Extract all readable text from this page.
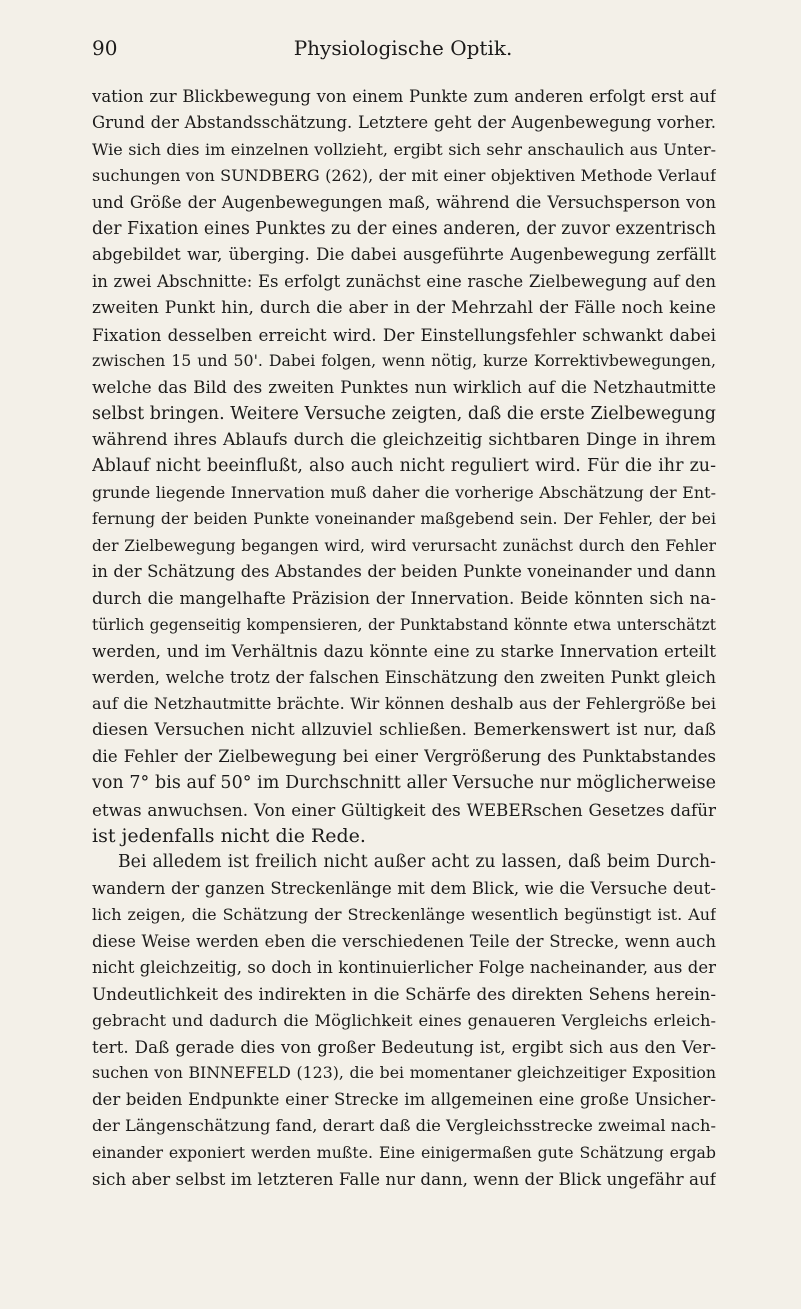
90	Physiologische Optik.
vation zur Blickbewegung von einem Punkte zum anderen erfolgt erst auf
Grund der Abstandsschätzung. Letztere geht der Augenbewegung vorher.
Wie sich dies im einzelnen vollzieht, ergibt sich sehr anschaulich aus Unter-
suchungen von SUNDBERG (262), der mit einer objektiven Methode Verlauf
und Größe der Augenbewegungen maß, während die Versuchsperson von
der Fixation eines Punktes zu der eines anderen, der zuvor exzentrisch
abgebildet war, überging. Die dabei ausgeführte Augenbewegung zerfällt
in zwei Abschnitte: Es erfolgt zunächst eine rasche Zielbewegung auf den
zweiten Punkt hin, durch die aber in der Mehrzahl der Fälle noch keine
Fixation desselben erreicht wird. Der Einstellungsfehler schwankt dabei
zwischen 15 und 50'. Dabei folgen, wenn nötig, kurze Korrektivbewegungen,
welche das Bild des zweiten Punktes nun wirklich auf die Netzhautmitte
selbst bringen. Weitere Versuche zeigten, daß die erste Zielbewegung
während ihres Ablaufs durch die gleichzeitig sichtbaren Dinge in ihrem
Ablauf nicht beeinflußt, also auch nicht reguliert wird. Für die ihr zu-
grunde liegende Innervation muß daher die vorherige Abschätzung der Ent-
fernung der beiden Punkte voneinander maßgebend sein. Der Fehler, der bei
der Zielbewegung begangen wird, wird verursacht zunächst durch den Fehler
in der Schätzung des Abstandes der beiden Punkte voneinander und dann
durch die mangelhafte Präzision der Innervation. Beide könnten sich na-
türlich gegenseitig kompensieren, der Punktabstand könnte etwa unterschätzt
werden, und im Verhältnis dazu könnte eine zu starke Innervation erteilt
werden, welche trotz der falschen Einschätzung den zweiten Punkt gleich
auf die Netzhautmitte brächte. Wir können deshalb aus der Fehlergröße bei
diesen Versuchen nicht allzuviel schließen. Bemerkenswert ist nur, daß
die Fehler der Zielbewegung bei einer Vergrößerung des Punktabstandes
von 7° bis auf 50° im Durchschnitt aller Versuche nur möglicherweise
etwas anwuchsen. Von einer Gültigkeit des WEBERschen Gesetzes dafür
ist jedenfalls nicht die Rede.
Bei alledem ist freilich nicht außer acht zu lassen, daß beim Durch-
wandern der ganzen Streckenlänge mit dem Blick, wie die Versuche deut-
lich zeigen, die Schätzung der Streckenlänge wesentlich begünstigt ist. Auf
diese Weise werden eben die verschiedenen Teile der Strecke, wenn auch
nicht gleichzeitig, so doch in kontinuierlicher Folge nacheinander, aus der
Undeutlichkeit des indirekten in die Schärfe des direkten Sehens herein-
gebracht und dadurch die Möglichkeit eines genaueren Vergleichs erleich-
tert. Daß gerade dies von großer Bedeutung ist, ergibt sich aus den Ver-
suchen von BINNEFELD (123), die bei momentaner gleichzeitiger Exposition
der beiden Endpunkte einer Strecke im allgemeinen eine große Unsicher-
der Längenschätzung fand, derart daß die Vergleichsstrecke zweimal nach-
einander exponiert werden mußte. Eine einigermaßen gute Schätzung ergab
sich aber selbst im letzteren Falle nur dann, wenn der Blick ungefähr auf
